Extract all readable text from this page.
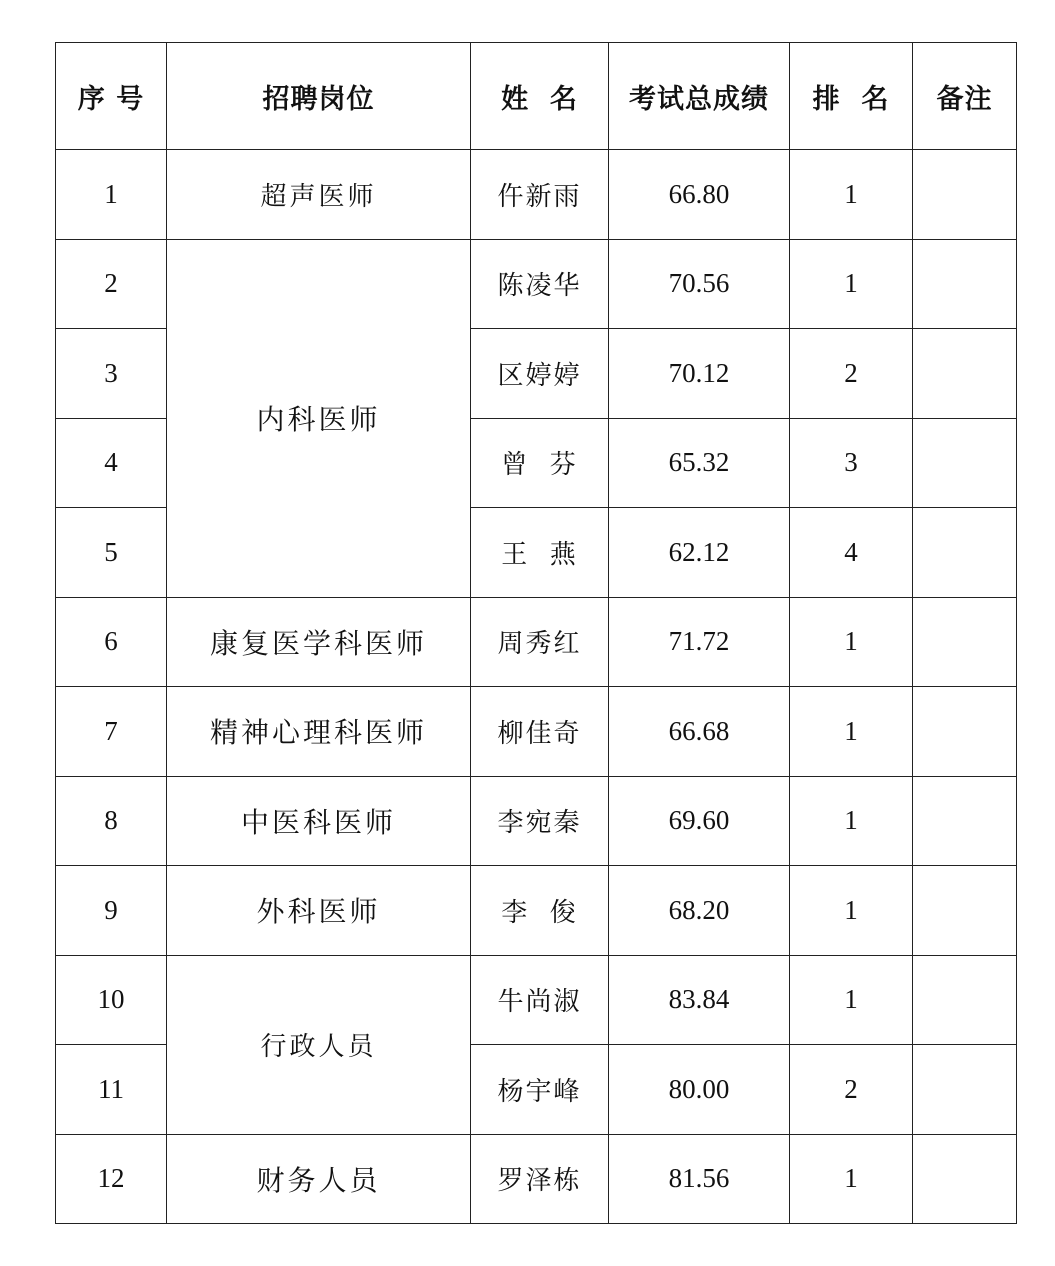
序 号	招聘岗位	姓  名	考试总成绩	排  名	备注
1	超声医师	仵新雨	66.80	1	
2	内科医师	陈凌华	70.56	1	
3		区婷婷	70.12	2	
4		曾  芬	65.32	3	
5		王  燕	62.12	4	
6	康复医学科医师	周秀红	71.72	1	
7	精神心理科医师	柳佳奇	66.68	1	
8	中医科医师	李宛秦	69.60	1	
9	外科医师	李  俊	68.20	1	
10	行政人员	牛尚淑	83.84	1	
11		杨宇峰	80.00	2	
12	财务人员	罗泽栋	81.56	1	
